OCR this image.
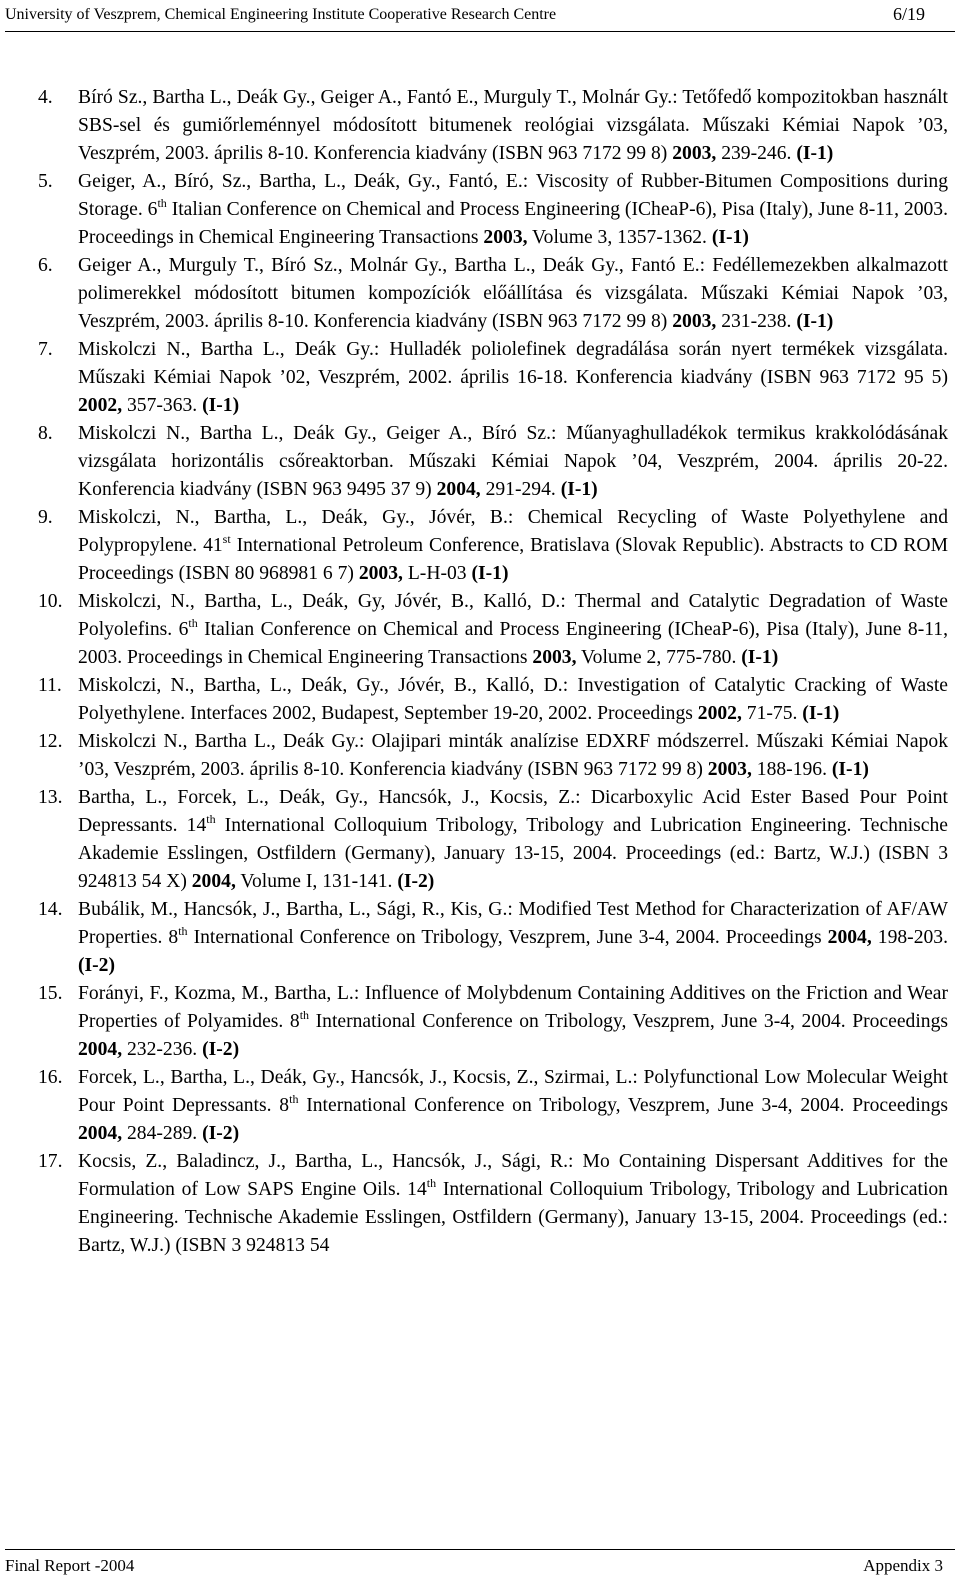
University of Veszprem, Chemical Engineering Institute Cooperative Research Centre	6/19
4. Bíró Sz., Bartha L., Deák Gy., Geiger A., Fantó E., Murguly T., Molnár Gy.: Tetőfedő kompozitokban használt SBS-sel és gumiőrleménnyel módosított bitumenek reológiai vizsgálata. Műszaki Kémiai Napok ’03, Veszprém, 2003. április 8-10. Konferencia kiadvány (ISBN 963 7172 99 8) 2003, 239-246. (I-1)
5. Geiger, A., Bíró, Sz., Bartha, L., Deák, Gy., Fantó, E.: Viscosity of Rubber-Bitumen Compositions during Storage. 6th Italian Conference on Chemical and Process Engineering (ICheaP-6), Pisa (Italy), June 8-11, 2003. Proceedings in Chemical Engineering Transactions 2003, Volume 3, 1357-1362. (I-1)
6. Geiger A., Murguly T., Bíró Sz., Molnár Gy., Bartha L., Deák Gy., Fantó E.: Fedéllemezekben alkalmazott polimerekkel módosított bitumen kompozíciók előállítása és vizsgálata. Műszaki Kémiai Napok ’03, Veszprém, 2003. április 8-10. Konferencia kiadvány (ISBN 963 7172 99 8) 2003, 231-238. (I-1)
7. Miskolczi N., Bartha L., Deák Gy.: Hulladék poliolefinek degradálása során nyert termékek vizsgálata. Műszaki Kémiai Napok ’02, Veszprém, 2002. április 16-18. Konferencia kiadvány (ISBN 963 7172 95 5) 2002, 357-363. (I-1)
8. Miskolczi N., Bartha L., Deák Gy., Geiger A., Bíró Sz.: Műanyaghulladékok termikus krakkolódásának vizsgálata horizontális csőreaktorban. Műszaki Kémiai Napok ’04, Veszprém, 2004. április 20-22. Konferencia kiadvány (ISBN 963 9495 37 9) 2004, 291-294. (I-1)
9. Miskolczi, N., Bartha, L., Deák, Gy., Jóvér, B.: Chemical Recycling of Waste Polyethylene and Polypropylene. 41st International Petroleum Conference, Bratislava (Slovak Republic). Abstracts to CD ROM Proceedings (ISBN 80 968981 6 7) 2003, L-H-03 (I-1)
10. Miskolczi, N., Bartha, L., Deák, Gy, Jóvér, B., Kalló, D.: Thermal and Catalytic Degradation of Waste Polyolefins. 6th Italian Conference on Chemical and Process Engineering (ICheaP-6), Pisa (Italy), June 8-11, 2003. Proceedings in Chemical Engineering Transactions 2003, Volume 2, 775-780. (I-1)
11. Miskolczi, N., Bartha, L., Deák, Gy., Jóvér, B., Kalló, D.: Investigation of Catalytic Cracking of Waste Polyethylene. Interfaces 2002, Budapest, September 19-20, 2002. Proceedings 2002, 71-75. (I-1)
12. Miskolczi N., Bartha L., Deák Gy.: Olajipari minták analízise EDXRF módszerrel. Műszaki Kémiai Napok ’03, Veszprém, 2003. április 8-10. Konferencia kiadvány (ISBN 963 7172 99 8) 2003, 188-196. (I-1)
13. Bartha, L., Forcek, L., Deák, Gy., Hancsók, J., Kocsis, Z.: Dicarboxylic Acid Ester Based Pour Point Depressants. 14th International Colloquium Tribology, Tribology and Lubrication Engineering. Technische Akademie Esslingen, Ostfildern (Germany), January 13-15, 2004. Proceedings (ed.: Bartz, W.J.) (ISBN 3 924813 54 X) 2004, Volume I, 131-141. (I-2)
14. Bubálik, M., Hancsók, J., Bartha, L., Sági, R., Kis, G.: Modified Test Method for Characterization of AF/AW Properties. 8th International Conference on Tribology, Veszprem, June 3-4, 2004. Proceedings 2004, 198-203. (I-2)
15. Forányi, F., Kozma, M., Bartha, L.: Influence of Molybdenum Containing Additives on the Friction and Wear Properties of Polyamides. 8th International Conference on Tribology, Veszprem, June 3-4, 2004. Proceedings 2004, 232-236. (I-2)
16. Forcek, L., Bartha, L., Deák, Gy., Hancsók, J., Kocsis, Z., Szirmai, L.: Polyfunctional Low Molecular Weight Pour Point Depressants. 8th International Conference on Tribology, Veszprem, June 3-4, 2004. Proceedings 2004, 284-289. (I-2)
17. Kocsis, Z., Baladincz, J., Bartha, L., Hancsók, J., Sági, R.: Mo Containing Dispersant Additives for the Formulation of Low SAPS Engine Oils. 14th International Colloquium Tribology, Tribology and Lubrication Engineering. Technische Akademie Esslingen, Ostfildern (Germany), January 13-15, 2004. Proceedings (ed.: Bartz, W.J.) (ISBN 3 924813 54
Final Report -2004	Appendix 3
